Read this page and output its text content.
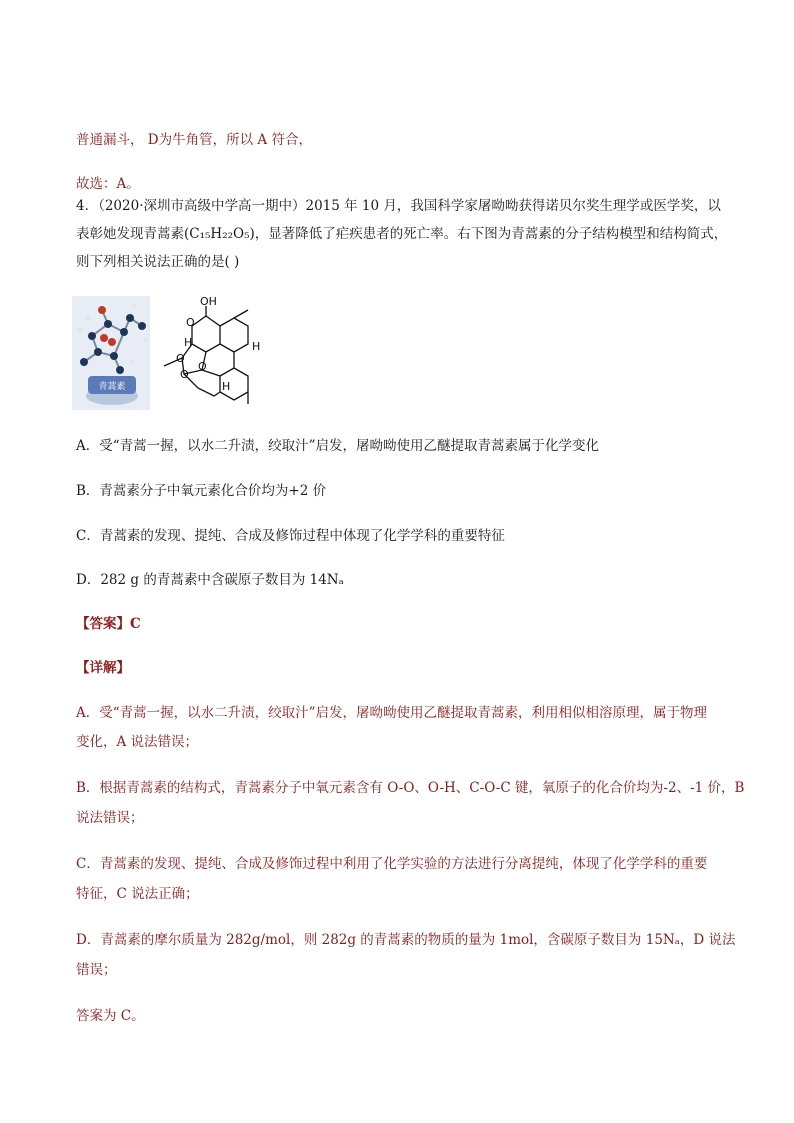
普通漏斗， D为牛角管，所以 A 符合，
故选：A。
4．（2020·深圳市高级中学高一期中）2015 年 10 月，我国科学家屠呦呦获得诺贝尔奖生理学或医学奖，以
表彰她发现青蒿素(C₁₅H₂₂O₅)，显著降低了疟疾患者的死亡率。右下图为青蒿素的分子结构模型和结构简式，
则下列相关说法正确的是( )
青蒿素
OH
O
O
O
O
H	H
H
A．受“青蒿一握，以水二升渍，绞取汁”启发，屠呦呦使用乙醚提取青蒿素属于化学变化
B．青蒿素分子中氧元素化合价均为+2 价
C．青蒿素的发现、提纯、合成及修饰过程中体现了化学学科的重要特征
D．282 g 的青蒿素中含碳原子数目为 14Nₐ
【答案】C
【详解】
A．受“青蒿一握，以水二升渍，绞取汁”启发，屠呦呦使用乙醚提取青蒿素，利用相似相溶原理，属于物理
变化，A 说法错误；
B．根据青蒿素的结构式，青蒿素分子中氧元素含有 O-O、O-H、C-O-C 键，氧原子的化合价均为-2、-1 价，B
说法错误；
C．青蒿素的发现、提纯、合成及修饰过程中利用了化学实验的方法进行分离提纯，体现了化学学科的重要
特征，C 说法正确；
D．青蒿素的摩尔质量为 282g/mol，则 282g 的青蒿素的物质的量为 1mol，含碳原子数目为 15Nₐ，D 说法
错误；
答案为 C。
